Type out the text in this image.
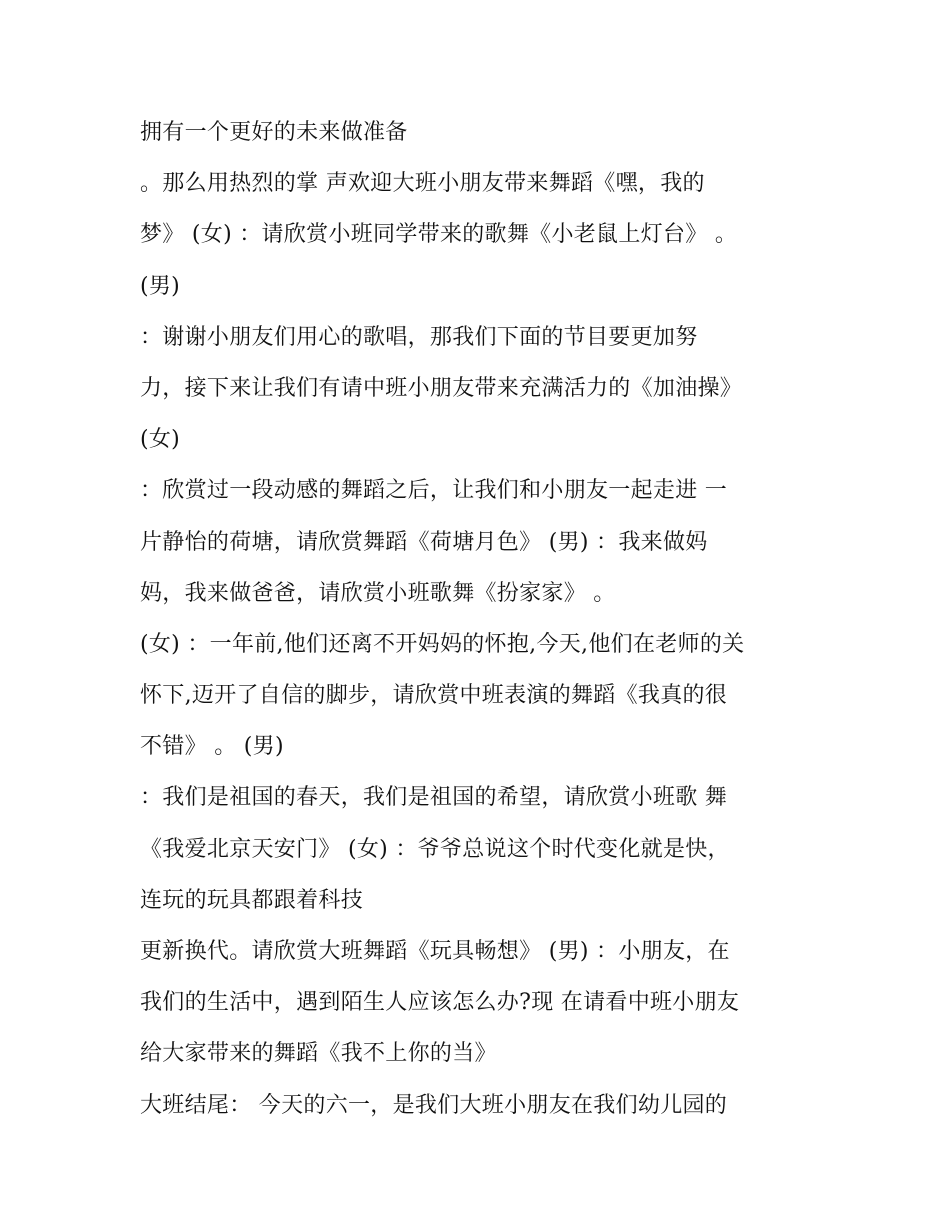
拥有一个更好的未来做准备
。那么用热烈的掌 声欢迎大班小朋友带来舞蹈《嘿，我的
梦》 (女) ：请欣赏小班同学带来的歌舞《小老鼠上灯台》 。
(男)
：谢谢小朋友们用心的歌唱，那我们下面的节目要更加努
力，接下来让我们有请中班小朋友带来充满活力的《加油操》
(女)
：欣赏过一段动感的舞蹈之后，让我们和小朋友一起走进 一
片静怡的荷塘，请欣赏舞蹈《荷塘月色》 (男) ：我来做妈
妈，我来做爸爸，请欣赏小班歌舞《扮家家》 。
(女) ：一年前,他们还离不开妈妈的怀抱,今天,他们在老师的关
怀下,迈开了自信的脚步，请欣赏中班表演的舞蹈《我真的很
不错》 。 (男)
：我们是祖国的春天，我们是祖国的希望，请欣赏小班歌 舞
《我爱北京天安门》 (女) ：爷爷总说这个时代变化就是快，
连玩的玩具都跟着科技
更新换代。请欣赏大班舞蹈《玩具畅想》 (男) ：小朋友，在
我们的生活中，遇到陌生人应该怎么办?现 在请看中班小朋友
给大家带来的舞蹈《我不上你的当》
大班结尾： 今天的六一，是我们大班小朋友在我们幼儿园的
